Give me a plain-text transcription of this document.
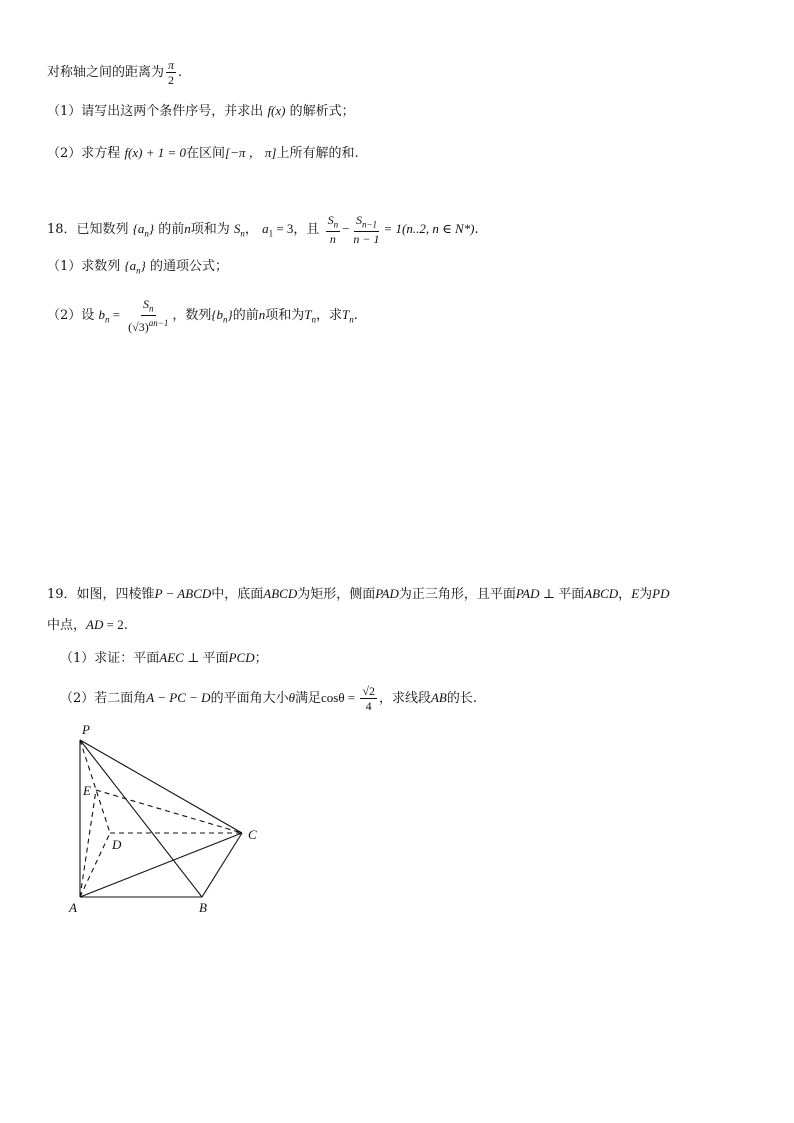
对称轴之间的距离为 $\frac{\pi}{2}$ .
（1）请写出这两个条件序号，并求出 f(x) 的解析式；
（2）求方程 f(x) + 1 = 0在区间[−π ， π]上所有解的和.
18．已知数列 $\{a_n\}$ 的前n项和为 $S_n$， $a_1 = 3$，且 $\frac{S_n}{n} - \frac{S_{n-1}}{n - 1} = 1(n..2$, n ∈ N*).
（1）求数列 $\{a_n\}$ 的通项公式；
（2）设 $b_n = \frac{S_n}{(√3)^{an-1}}$ ，数列$\{b_n\}$的前n项和为$T_n$，求$T_n$.
19．如图，四棱锥P − ABCD中，底面ABCD为矩形，侧面PAD为正三角形，且平面PAD ⊥ 平面ABCD，E为PD
中点，AD = 2.
（1）求证：平面AEC ⊥ 平面PCD；
（2）若二面角A − PC − D的平面角大小θ满足$\cos\theta = \frac{√2}{4}$ ，求线段AB的长.
P
E
D
C
A	B
